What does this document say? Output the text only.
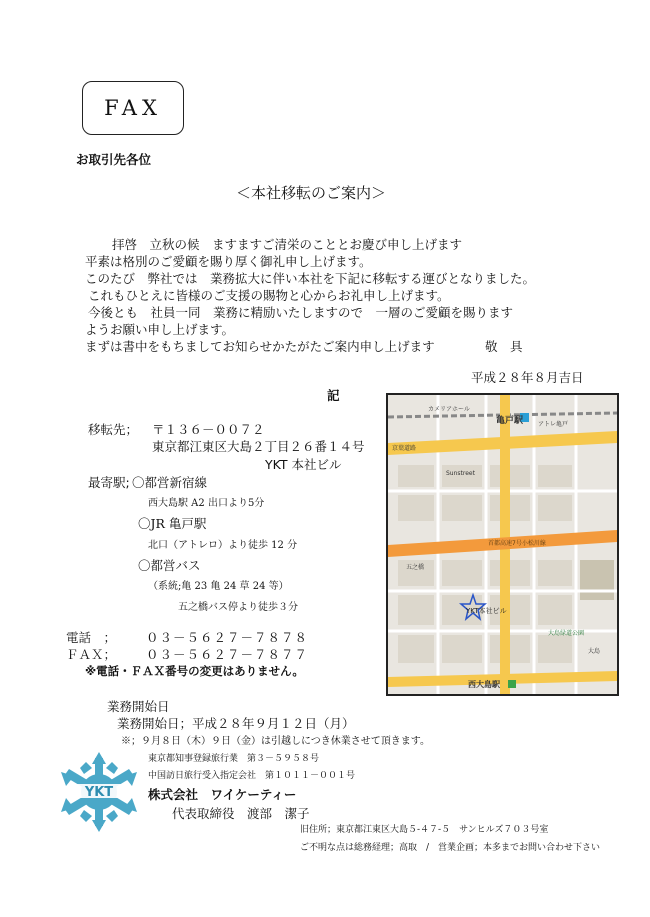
FAX
お取引先各位
＜本社移転のご案内＞
拝啓　立秋の候　ますますご清栄のこととお慶び申し上げます
平素は格別のご愛顧を賜り厚く御礼申し上げます。
このたび　弊社では　業務拡大に伴い本社を下記に移転する運びとなりました。
これもひとえに皆様のご支援の賜物と心からお礼申し上げます。
今後とも　社員一同　業務に精励いたしますので　一層のご愛顧を賜ります
ようお願い申し上げます。
まずは書中をもちましてお知らせかたがたご案内申し上げます	敬　具
平成２８年８月吉日
記
移転先； 〒１３６－００７２
東京都江東区大島２丁目２６番１４号
YKT 本社ビル
最寄駅; 〇都営新宿線
西大島駅 A2 出口より5分
〇JR 亀戸駅
北口（アトレロ）より徒歩 12 分
〇都営バス
（系統;亀 23 亀 24 草 24 等）
五之橋バス停より徒歩３分
電話　； ０３－５６２７－７８７８
ＦＡＸ； ０３－５６２７－７８７７
※電話・ＦＡＸ番号の変更はありません。
業務開始日
業務開始日；平成２８年９月１２日（月）
※；９月８日（木）９日（金）は引越しにつき休業させて頂きます。
YKT
東京都知事登録旅行業　第３－５９５８号
中国訪日旅行受入指定会社　第１０１１－００１号
株式会社　ワイケーティー
代表取締役　渡部　潔子
旧住所；東京都江東区大島５-４７-５　サンヒルズ７０３号室
ご不明な点は総務経理；高取　/　営業企画；本多までお問い合わせ下さい
亀戸駅
京葉道路
カメリアホール
アトレ亀戸
Sunstreet
首都高速7号小松川線
YKT本社ビル
大島緑道公園
西大島駅
五之橋
大島
